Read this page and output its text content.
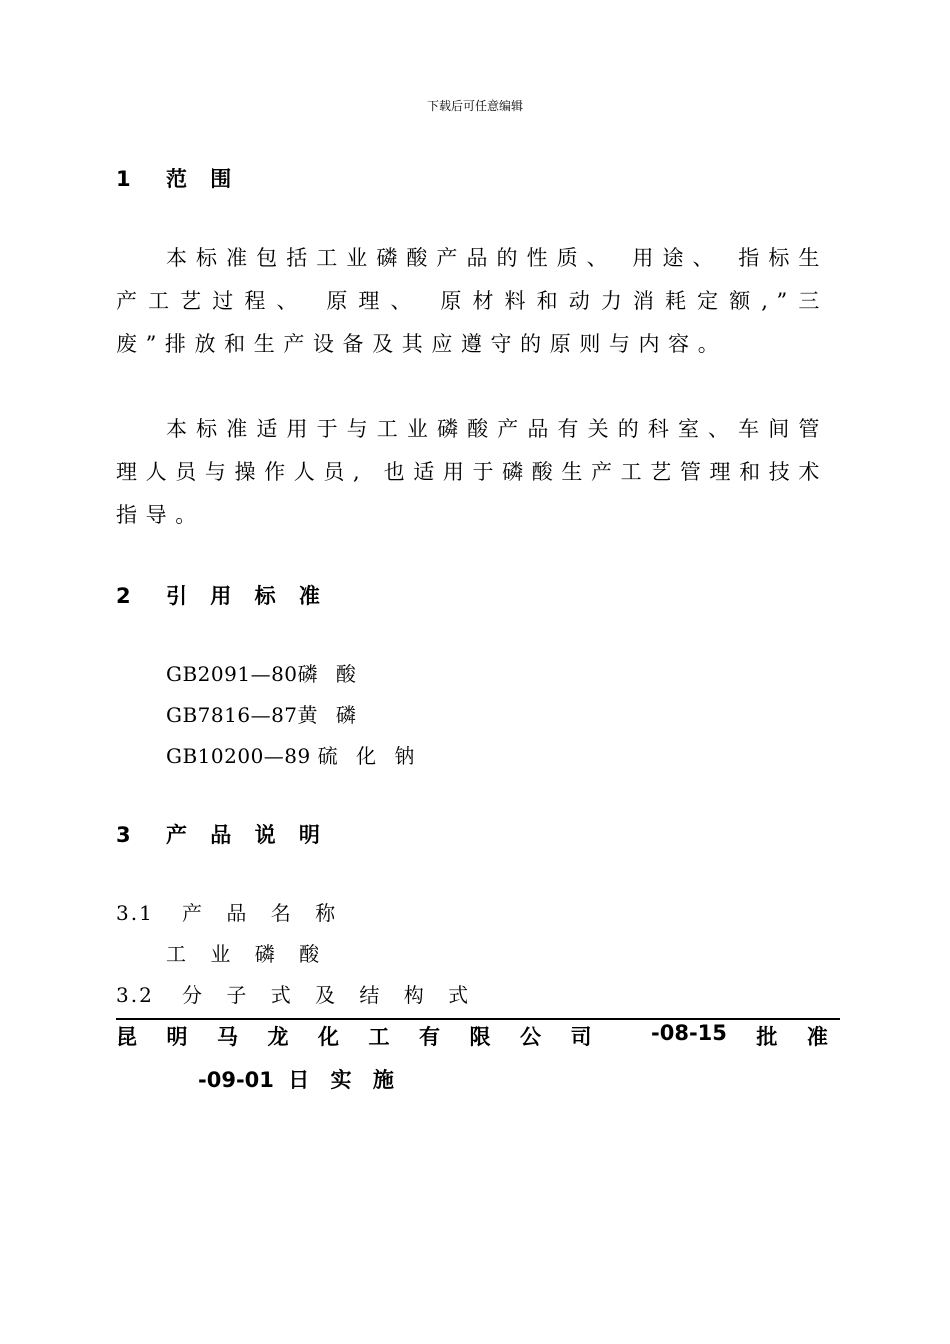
下载后可任意编辑
1 范 围
本标准包括工业磷酸产品的性质、 用途、 指标生产工艺过程、 原理、 原材料和动力消耗定额,”三废”排放和生产设备及其应遵守的原则与内容。
本标准适用于与工业磷酸产品有关的科室、车间管理人员与操作人员, 也适用于磷酸生产工艺管理和技术指导。
2 引 用 标 准
GB2091—80磷 酸
GB7816—87黄 磷
GB10200—89 硫 化 钠
3 产 品 说 明
3.1 产 品 名 称
工 业 磷 酸
3.2 分 子 式 及 结 构 式
昆 明 马 龙 化 工 有 限 公 司	-08-15 批 准
-09-01 日 实 施
